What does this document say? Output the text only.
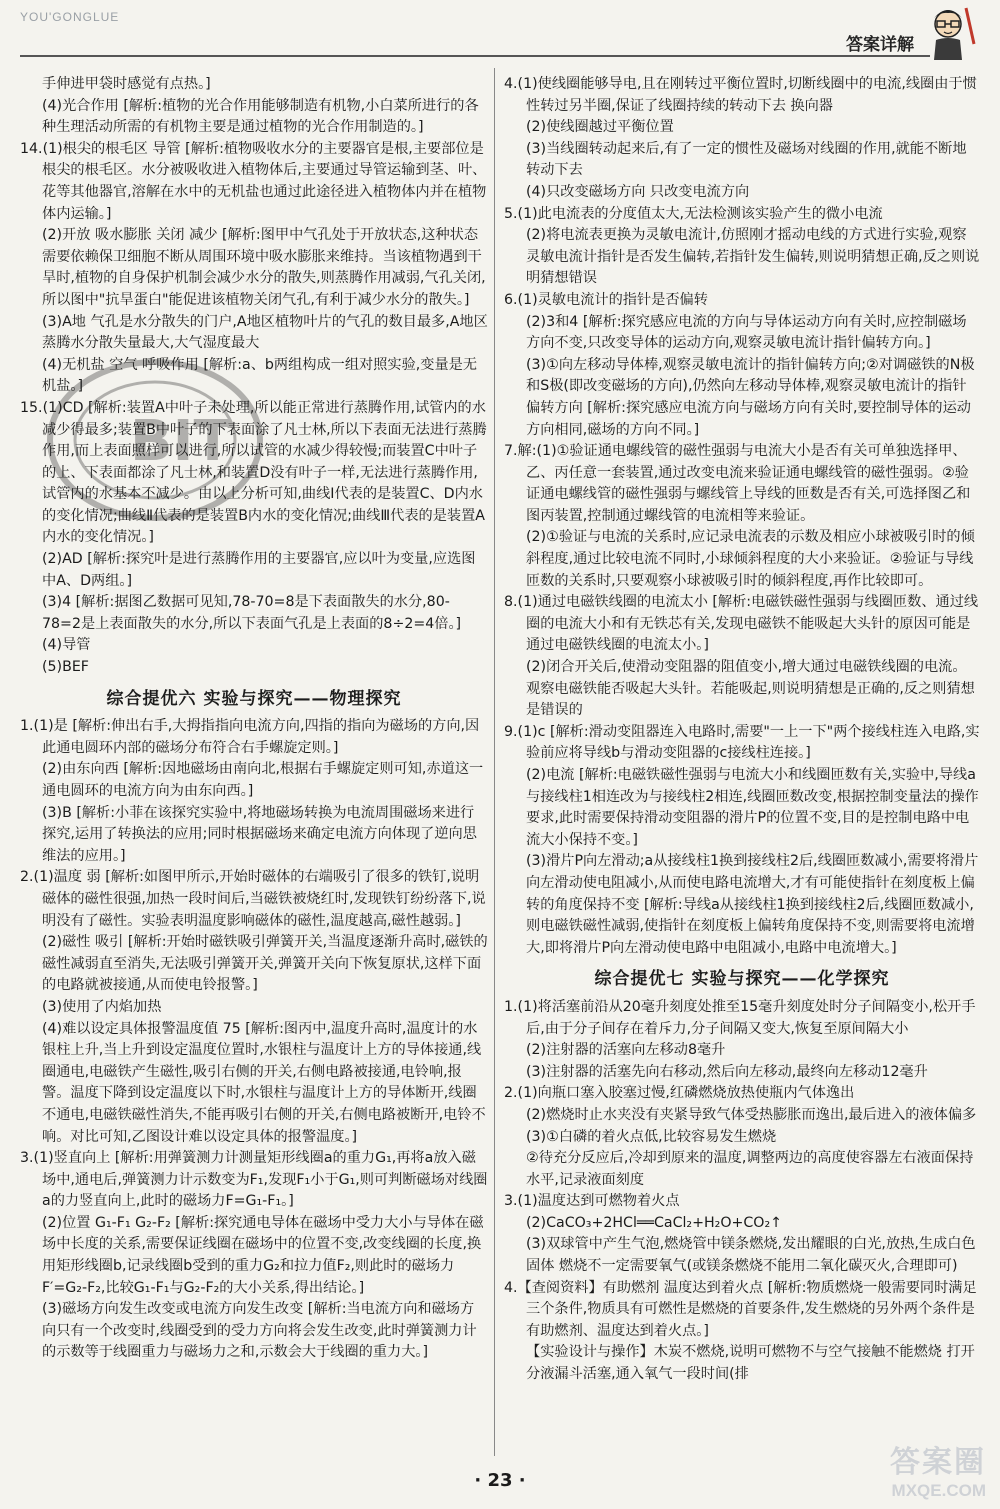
YOU'GONGLUE
答案详解
BIT

手伸进甲袋时感觉有点热。]

(4)光合作用 [解析:植物的光合作用能够制造有机物,小白菜所进行的各种生理活动所需的有机物主要是通过植物的光合作用制造的。]

14.(1)根尖的根毛区 导管 [解析:植物吸收水分的主要器官是根,主要部位是根尖的根毛区。水分被吸收进入植物体后,主要通过导管运输到茎、叶、花等其他器官,溶解在水中的无机盐也通过此途径进入植物体内并在植物体内运输。]

(2)开放 吸水膨胀 关闭 减少 [解析:图甲中气孔处于开放状态,这种状态需要依赖保卫细胞不断从周围环境中吸水膨胀来维持。当该植物遇到干旱时,植物的自身保护机制会减少水分的散失,则蒸腾作用减弱,气孔关闭,所以图中"抗旱蛋白"能促进该植物关闭气孔,有利于减少水分的散失。]

(3)A地 气孔是水分散失的门户,A地区植物叶片的气孔的数目最多,A地区蒸腾水分散失量最大,大气湿度最大

(4)无机盐 空气 呼吸作用 [解析:a、b两组构成一组对照实验,变量是无机盐。]

15.(1)CD [解析:装置A中叶子未处理,所以能正常进行蒸腾作用,试管内的水减少得最多;装置B中叶子的下表面涂了凡士林,所以下表面无法进行蒸腾作用,而上表面照样可以进行,所以试管的水减少得较慢;而装置C中叶子的上、下表面都涂了凡士林,和装置D没有叶子一样,无法进行蒸腾作用,试管内的水基本不减少。由以上分析可知,曲线Ⅰ代表的是装置C、D内水的变化情况;曲线Ⅱ代表的是装置B内水的变化情况;曲线Ⅲ代表的是装置A内水的变化情况。]

(2)AD [解析:探究叶是进行蒸腾作用的主要器官,应以叶为变量,应选图中A、D两组。]

(3)4 [解析:据图乙数据可见知,78-70=8是下表面散失的水分,80-78=2是上表面散失的水分,所以下表面气孔是上表面的8÷2=4倍。]

(4)导管

(5)BEF

综合提优六 实验与探究——物理探究

1.(1)是 [解析:伸出右手,大拇指指向电流方向,四指的指向为磁场的方向,因此通电圆环内部的磁场分布符合右手螺旋定则。]

(2)由东向西 [解析:因地磁场由南向北,根据右手螺旋定则可知,赤道这一通电圆环的电流方向为由东向西。]

(3)B [解析:小菲在该探究实验中,将地磁场转换为电流周围磁场来进行探究,运用了转换法的应用;同时根据磁场来确定电流方向体现了逆向思维法的应用。]

2.(1)温度 弱 [解析:如图甲所示,开始时磁体的右端吸引了很多的铁钉,说明磁体的磁性很强,加热一段时间后,当磁铁被烧红时,发现铁钉纷纷落下,说明没有了磁性。实验表明温度影响磁体的磁性,温度越高,磁性越弱。]

(2)磁性 吸引 [解析:开始时磁铁吸引弹簧开关,当温度逐渐升高时,磁铁的磁性减弱直至消失,无法吸引弹簧开关,弹簧开关向下恢复原状,这样下面的电路就被接通,从而使电铃报警。]

(3)使用了内焰加热

(4)难以设定具体报警温度值 75 [解析:图丙中,温度升高时,温度计的水银柱上升,当上升到设定温度位置时,水银柱与温度计上方的导体接通,线圈通电,电磁铁产生磁性,吸引右侧的开关,右侧电路被接通,电铃响,报警。温度下降到设定温度以下时,水银柱与温度计上方的导体断开,线圈不通电,电磁铁磁性消失,不能再吸引右侧的开关,右侧电路被断开,电铃不响。对比可知,乙图设计难以设定具体的报警温度。]

3.(1)竖直向上 [解析:用弹簧测力计测量矩形线圈a的重力G₁,再将a放入磁场中,通电后,弹簧测力计示数变为F₁,发现F₁小于G₁,则可判断磁场对线圈a的力竖直向上,此时的磁场力F=G₁-F₁。]

(2)位置 G₁-F₁ G₂-F₂ [解析:探究通电导体在磁场中受力大小与导体在磁场中长度的关系,需要保证线圈在磁场中的位置不变,改变线圈的长度,换用矩形线圈b,记录线圈b受到的重力G₂和拉力值F₂,则此时的磁场力F′=G₂-F₂,比较G₁-F₁与G₂-F₂的大小关系,得出结论。]

(3)磁场方向发生改变或电流方向发生改变 [解析:当电流方向和磁场方向只有一个改变时,线圈受到的受力方向将会发生改变,此时弹簧测力计的示数等于线圈重力与磁场力之和,示数会大于线圈的重力大。]

4.(1)使线圈能够导电,且在刚转过平衡位置时,切断线圈中的电流,线圈由于惯性转过另半圈,保证了线圈持续的转动下去 换向器

(2)使线圈越过平衡位置

(3)当线圈转动起来后,有了一定的惯性及磁场对线圈的作用,就能不断地转动下去

(4)只改变磁场方向 只改变电流方向

5.(1)此电流表的分度值太大,无法检测该实验产生的微小电流

(2)将电流表更换为灵敏电流计,仿照刚才摇动电线的方式进行实验,观察灵敏电流计指针是否发生偏转,若指针发生偏转,则说明猜想正确,反之则说明猜想错误

6.(1)灵敏电流计的指针是否偏转

(2)3和4 [解析:探究感应电流的方向与导体运动方向有关时,应控制磁场方向不变,只改变导体的运动方向,观察灵敏电流计指针偏转方向。]

(3)①向左移动导体棒,观察灵敏电流计的指针偏转方向;②对调磁铁的N极和S极(即改变磁场的方向),仍然向左移动导体棒,观察灵敏电流计的指针偏转方向 [解析:探究感应电流方向与磁场方向有关时,要控制导体的运动方向相同,磁场的方向不同。]

7.解:(1)①验证通电螺线管的磁性强弱与电流大小是否有关可单独选择甲、乙、丙任意一套装置,通过改变电流来验证通电螺线管的磁性强弱。②验证通电螺线管的磁性强弱与螺线管上导线的匝数是否有关,可选择图乙和图丙装置,控制通过螺线管的电流相等来验证。

(2)①验证与电流的关系时,应记录电流表的示数及相应小球被吸引时的倾斜程度,通过比较电流不同时,小球倾斜程度的大小来验证。②验证与导线匝数的关系时,只要观察小球被吸引时的倾斜程度,再作比较即可。

8.(1)通过电磁铁线圈的电流太小 [解析:电磁铁磁性强弱与线圈匝数、通过线圈的电流大小和有无铁芯有关,发现电磁铁不能吸起大头针的原因可能是通过电磁铁线圈的电流太小。]

(2)闭合开关后,使滑动变阻器的阻值变小,增大通过电磁铁线圈的电流。观察电磁铁能否吸起大头针。若能吸起,则说明猜想是正确的,反之则猜想是错误的

9.(1)c [解析:滑动变阻器连入电路时,需要"一上一下"两个接线柱连入电路,实验前应将导线b与滑动变阻器的c接线柱连接。]

(2)电流 [解析:电磁铁磁性强弱与电流大小和线圈匝数有关,实验中,导线a与接线柱1相连改为与接线柱2相连,线圈匝数改变,根据控制变量法的操作要求,此时需要保持滑动变阻器的滑片P的位置不变,目的是控制电路中电流大小保持不变。]

(3)滑片P向左滑动;a从接线柱1换到接线柱2后,线圈匝数减小,需要将滑片向左滑动使电阻减小,从而使电路电流增大,才有可能使指针在刻度板上偏转的角度保持不变 [解析:导线a从接线柱1换到接线柱2后,线圈匝数减小,则电磁铁磁性减弱,使指针在刻度板上偏转角度保持不变,则需要将电流增大,即将滑片P向左滑动使电路中电阻减小,电路中电流增大。]

综合提优七 实验与探究——化学探究

1.(1)将活塞前沿从20毫升刻度处推至15毫升刻度处时分子间隔变小,松开手后,由于分子间存在着斥力,分子间隔又变大,恢复至原间隔大小

(2)注射器的活塞向左移动8毫升

(3)注射器的活塞先向右移动,然后向左移动,最终向左移动12毫升

2.(1)向瓶口塞入胶塞过慢,红磷燃烧放热使瓶内气体逸出

(2)燃烧时止水夹没有夹紧导致气体受热膨胀而逸出,最后进入的液体偏多

(3)①白磷的着火点低,比较容易发生燃烧

②待充分反应后,冷却到原来的温度,调整两边的高度使容器左右液面保持水平,记录液面刻度

3.(1)温度达到可燃物着火点

(2)CaCO₃+2HCl══CaCl₂+H₂O+CO₂↑

(3)双球管中产生气泡,燃烧管中镁条燃烧,发出耀眼的白光,放热,生成白色固体 燃烧不一定需要氧气(或镁条燃烧不能用二氧化碳灭火,合理即可)

4.【查阅资料】有助燃剂 温度达到着火点 [解析:物质燃烧一般需要同时满足三个条件,物质具有可燃性是燃烧的首要条件,发生燃烧的另外两个条件是有助燃剂、温度达到着火点。]

【实验设计与操作】木炭不燃烧,说明可燃物不与空气接触不能燃烧 打开分液漏斗活塞,通入氧气一段时间(排

· 23 ·
答案圈
MXQE.COM
